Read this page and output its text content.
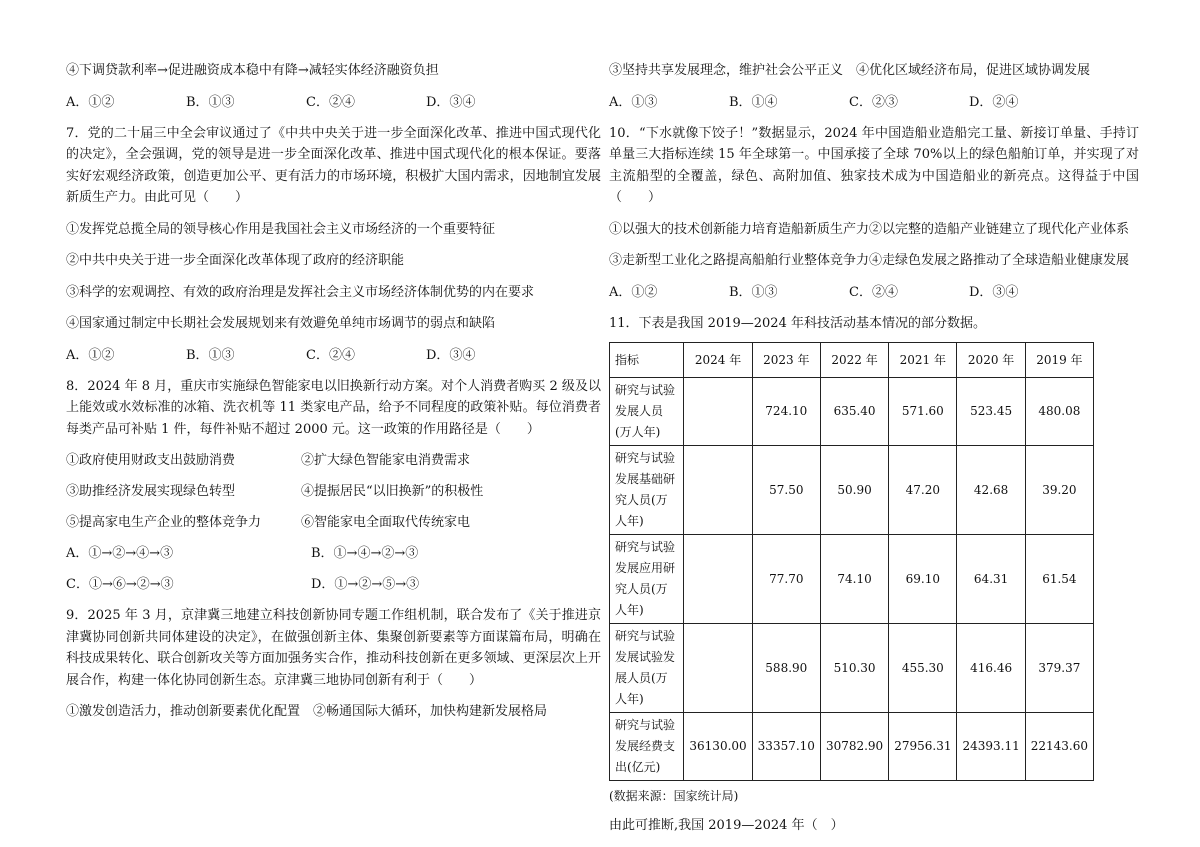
④下调贷款利率→促进融资成本稳中有降→减轻实体经济融资负担

A．①②	B．①③	C．②④	D．③④

7．党的二十届三中全会审议通过了《中共中央关于进一步全面深化改革、推进中国式现代化的决定》，全会强调，党的领导是进一步全面深化改革、推进中国式现代化的根本保证。要落实好宏观经济政策，创造更加公平、更有活力的市场环境，积极扩大国内需求，因地制宜发展新质生产力。由此可见（　　）

①发挥党总揽全局的领导核心作用是我国社会主义市场经济的一个重要特征

②中共中央关于进一步全面深化改革体现了政府的经济职能

③科学的宏观调控、有效的政府治理是发挥社会主义市场经济体制优势的内在要求

④国家通过制定中长期社会发展规划来有效避免单纯市场调节的弱点和缺陷

A．①②	B．①③	C．②④	D．③④

8．2024 年 8 月，重庆市实施绿色智能家电以旧换新行动方案。对个人消费者购买 2 级及以上能效或水效标准的冰箱、洗衣机等 11 类家电产品，给予不同程度的政策补贴。每位消费者每类产品可补贴 1 件，每件补贴不超过 2000 元。这一政策的作用路径是（　　）

①政府使用财政支出鼓励消费	②扩大绿色智能家电消费需求
③助推经济发展实现绿色转型	④提振居民“以旧换新”的积极性
⑤提高家电生产企业的整体竞争力	⑥智能家电全面取代传统家电
A．①→②→④→③	B．①→④→②→③
C．①→⑥→②→③	D．①→②→⑤→③

9．2025 年 3 月，京津冀三地建立科技创新协同专题工作组机制，联合发布了《关于推进京津冀协同创新共同体建设的决定》，在做强创新主体、集聚创新要素等方面谋篇布局，明确在科技成果转化、联合创新攻关等方面加强务实合作，推动科技创新在更多领域、更深层次上开展合作，构建一体化协同创新生态。京津冀三地协同创新有利于（　　）

①激发创造活力，推动创新要素优化配置　②畅通国际大循环，加快构建新发展格局

③坚持共享发展理念，维护社会公平正义　④优化区域经济布局，促进区域协调发展

A．①③	B．①④	C．②③	D．②④

10．“下水就像下饺子！”数据显示，2024 年中国造船业造船完工量、新接订单量、手持订单量三大指标连续 15 年全球第一。中国承接了全球 70%以上的绿色船舶订单，并实现了对主流船型的全覆盖，绿色、高附加值、独家技术成为中国造船业的新亮点。这得益于中国（　　）

①以强大的技术创新能力培育造船新质生产力②以完整的造船产业链建立了现代化产业体系

③走新型工业化之路提高船舶行业整体竞争力④走绿色发展之路推动了全球造船业健康发展

A．①②	B．①③	C．②④	D．③④

11．下表是我国 2019—2024 年科技活动基本情况的部分数据。

指标	2024 年	2023 年	2022 年	2021 年	2020 年	2019 年
研究与试验发展人员(万人年)		724.10	635.40	571.60	523.45	480.08
研究与试验发展基础研究人员(万人年)		57.50	50.90	47.20	42.68	39.20
研究与试验发展应用研究人员(万人年)		77.70	74.10	69.10	64.31	61.54
研究与试验发展试验发展人员(万人年)		588.90	510.30	455.30	416.46	379.37
研究与试验发展经费支出(亿元)	36130.00	33357.10	30782.90	27956.31	24393.11	22143.60

(数据来源：国家统计局)

由此可推断,我国 2019—2024 年（　）
